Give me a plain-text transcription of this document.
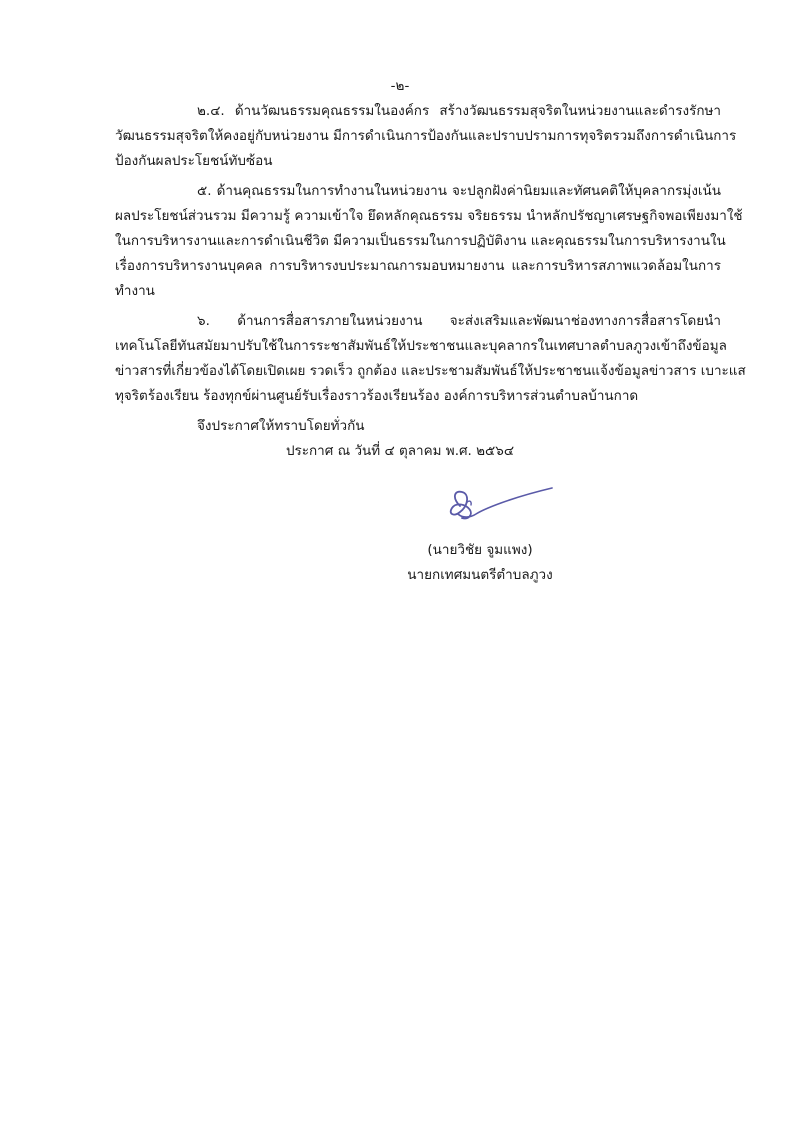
-๒-
๒.๔. ด้านวัฒนธรรมคุณธรรมในองค์กร สร้างวัฒนธรรมสุจริตในหน่วยงานและดำรงรักษา
วัฒนธรรมสุจริตให้คงอยู่กับหน่วยงาน มีการดำเนินการป้องกันและปราบปรามการทุจริตรวมถึงการดำเนินการ
ป้องกันผลประโยชน์ทับซ้อน
๕. ด้านคุณธรรมในการทำงานในหน่วยงาน จะปลูกฝังค่านิยมและทัศนคติให้บุคลากรมุ่งเน้น
ผลประโยชน์ส่วนรวม มีความรู้ ความเข้าใจ ยึดหลักคุณธรรม จริยธรรม นำหลักปรัชญาเศรษฐกิจพอเพียงมาใช้
ในการบริหารงานและการดำเนินชีวิต มีความเป็นธรรมในการปฏิบัติงาน และคุณธรรมในการบริหารงานใน
เรื่องการบริหารงานบุคคล การบริหารงบประมาณการมอบหมายงาน และการบริหารสภาพแวดล้อมในการ
ทำงาน
๖. ด้านการสื่อสารภายในหน่วยงาน จะส่งเสริมและพัฒนาช่องทางการสื่อสารโดยนำ
เทคโนโลยีทันสมัยมาปรับใช้ในการระชาสัมพันธ์ให้ประชาชนและบุคลากรในเทศบาลตำบลภูวงเข้าถึงข้อมูล
ข่าวสารที่เกี่ยวข้องได้โดยเปิดเผย รวดเร็ว ถูกต้อง และประชามสัมพันธ์ให้ประชาชนแจ้งข้อมูลข่าวสาร เบาะแส
ทุจริตร้องเรียน ร้องทุกข์ผ่านศูนย์รับเรื่องราวร้องเรียนร้อง องค์การบริหารส่วนตำบลบ้านกาด
จึงประกาศให้ทราบโดยทั่วกัน
ประกาศ ณ วันที่ ๔ ตุลาคม พ.ศ. ๒๕๖๔
(นายวิชัย จูมแพง)
นายกเทศมนตรีตำบลภูวง
